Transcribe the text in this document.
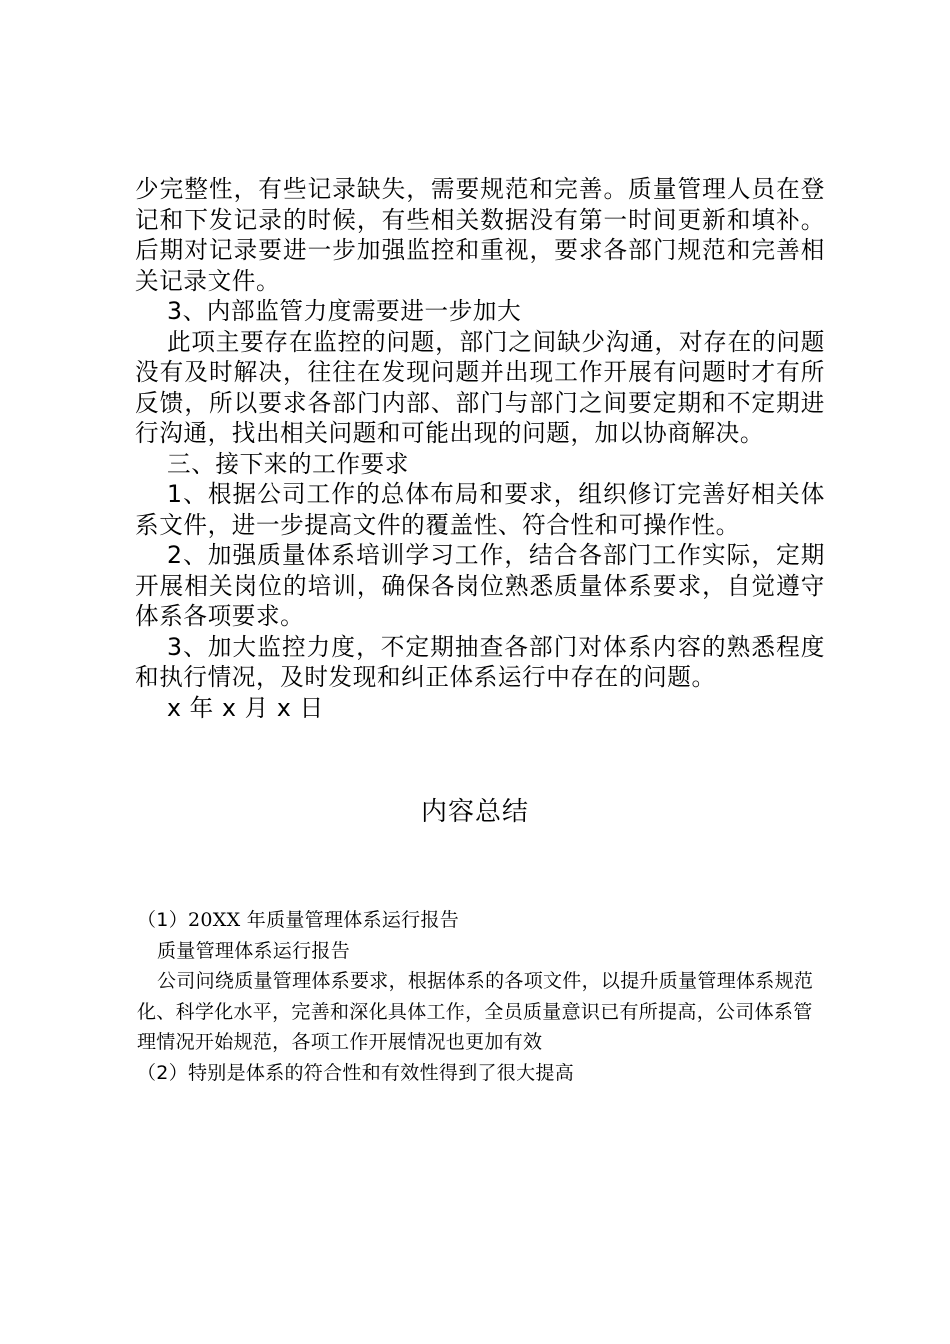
少完整性，有些记录缺失，需要规范和完善。质量管理人员在登记和下发记录的时候，有些相关数据没有第一时间更新和填补。后期对记录要进一步加强监控和重视，要求各部门规范和完善相关记录文件。

3、内部监管力度需要进一步加大

此项主要存在监控的问题，部门之间缺少沟通，对存在的问题没有及时解决，往往在发现问题并出现工作开展有问题时才有所反馈，所以要求各部门内部、部门与部门之间要定期和不定期进行沟通，找出相关问题和可能出现的问题，加以协商解决。

三、接下来的工作要求

1、根据公司工作的总体布局和要求，组织修订完善好相关体系文件，进一步提高文件的覆盖性、符合性和可操作性。

2、加强质量体系培训学习工作，结合各部门工作实际，定期开展相关岗位的培训，确保各岗位熟悉质量体系要求，自觉遵守体系各项要求。

3、加大监控力度，不定期抽查各部门对体系内容的熟悉程度和执行情况，及时发现和纠正体系运行中存在的问题。

x 年 x 月 x 日

内容总结

（1）20XX 年质量管理体系运行报告

质量管理体系运行报告

公司问绕质量管理体系要求，根据体系的各项文件，以提升质量管理体系规范化、科学化水平，完善和深化具体工作，全员质量意识已有所提高，公司体系管理情况开始规范，各项工作开展情况也更加有效

（2）特别是体系的符合性和有效性得到了很大提高
